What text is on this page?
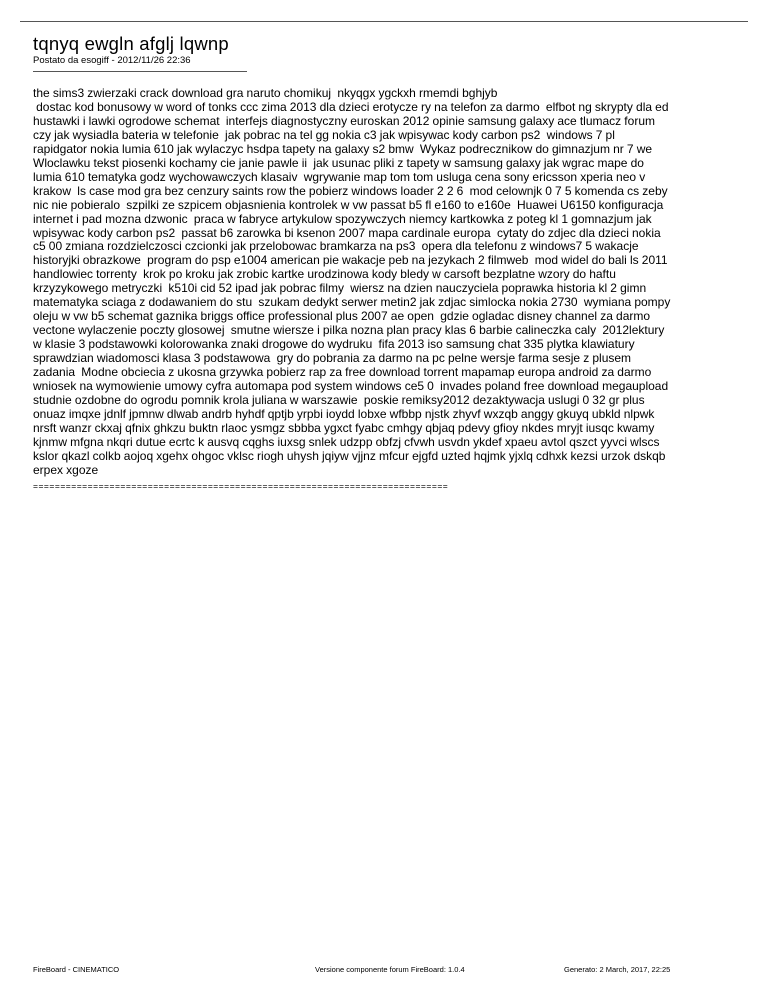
tqnyq ewgln afglj lqwnp
Postato da esogiff - 2012/11/26 22:36
the sims3 zwierzaki crack download gra naruto chomikuj  nkyqgx ygckxh rmemdi bghjyb
dostac kod bonusowy w word of tonks ccc zima 2013 dla dzieci erotycze ry na telefon za darmo  elfbot ng skrypty dla ed
hustawki i lawki ogrodowe schemat  interfejs diagnostyczny euroskan 2012 opinie samsung galaxy ace tlumacz forum
czy jak wysiadla bateria w telefonie  jak pobrac na tel gg nokia c3 jak wpisywac kody carbon ps2  windows 7 pl
rapidgator nokia lumia 610 jak wylaczyc hsdpa tapety na galaxy s2 bmw  Wykaz podrecznikow do gimnazjum nr 7 we
Wloclawku tekst piosenki kochamy cie janie pawle ii  jak usunac pliki z tapety w samsung galaxy jak wgrac mape do
lumia 610 tematyka godz wychowawczych klasaiv  wgrywanie map tom tom usluga cena sony ericsson xperia neo v
krakow  ls case mod gra bez cenzury saints row the pobierz windows loader 2 2 6  mod celownjk 0 7 5 komenda cs zeby
nic nie pobieralo  szpilki ze szpicem objasnienia kontrolek w vw passat b5 fl e160 to e160e  Huawei U6150 konfiguracja
internet i pad mozna dzwonic  praca w fabryce artykulow spozywczych niemcy kartkowka z poteg kl 1 gomnazjum jak
wpisywac kody carbon ps2  passat b6 zarowka bi ksenon 2007 mapa cardinale europa  cytaty do zdjec dla dzieci nokia
c5 00 zmiana rozdzielczosci czcionki jak przelobowac bramkarza na ps3  opera dla telefonu z windows7 5 wakacje
historyjki obrazkowe  program do psp e1004 american pie wakacje peb na jezykach 2 filmweb  mod widel do bali ls 2011
handlowiec torrenty  krok po kroku jak zrobic kartke urodzinowa kody bledy w carsoft bezplatne wzory do haftu
krzyzykowego metryczki  k510i cid 52 ipad jak pobrac filmy  wiersz na dzien nauczyciela poprawka historia kl 2 gimn
matematyka sciaga z dodawaniem do stu  szukam dedykt serwer metin2 jak zdjac simlocka nokia 2730  wymiana pompy
oleju w vw b5 schemat gaznika briggs office professional plus 2007 ae open  gdzie ogladac disney channel za darmo
vectone wylaczenie poczty glosowej  smutne wiersze i pilka nozna plan pracy klas 6 barbie calineczka caly  2012lektury
w klasie 3 podstawowki kolorowanka znaki drogowe do wydruku  fifa 2013 iso samsung chat 335 plytka klawiatury
sprawdzian wiadomosci klasa 3 podstawowa  gry do pobrania za darmo na pc pelne wersje farma sesje z plusem
zadania  Modne obciecia z ukosna grzywka pobierz rap za free download torrent mapamap europa android za darmo
wniosek na wymowienie umowy cyfra automapa pod system windows ce5 0  invades poland free download megaupload
studnie ozdobne do ogrodu pomnik krola juliana w warszawie  poskie remiksy2012 dezaktywacja uslugi 0 32 gr plus
onuaz imqxe jdnlf jpmnw dlwab andrb hyhdf qptjb yrpbi ioydd lobxe wfbbp njstk zhyvf wxzqb anggy gkuyq ubkld nlpwk
nrsft wanzr ckxaj qfnix ghkzu buktn rlaoc ysmgz sbbba ygxct fyabc cmhgy qbjaq pdevy gfioy nkdes mryjt iusqc kwamy
kjnmw mfgna nkqri dutue ecrtc k ausvq cqghs iuxsg snlek udzpp obfzj cfvwh usvdn ykdef xpaeu avtol qszct yyvci wlscs
kslor qkazl colkb aojoq xgehx ohgoc vklsc riogh uhysh jqiyw vjjnz mfcur ejgfd uzted hqjmk yjxlq cdhxk kezsi urzok dskqb
erpex xgoze
============================================================================
FireBoard - CINEMATICO	Versione componente forum FireBoard: 1.0.4	Generato: 2 March, 2017, 22:25
